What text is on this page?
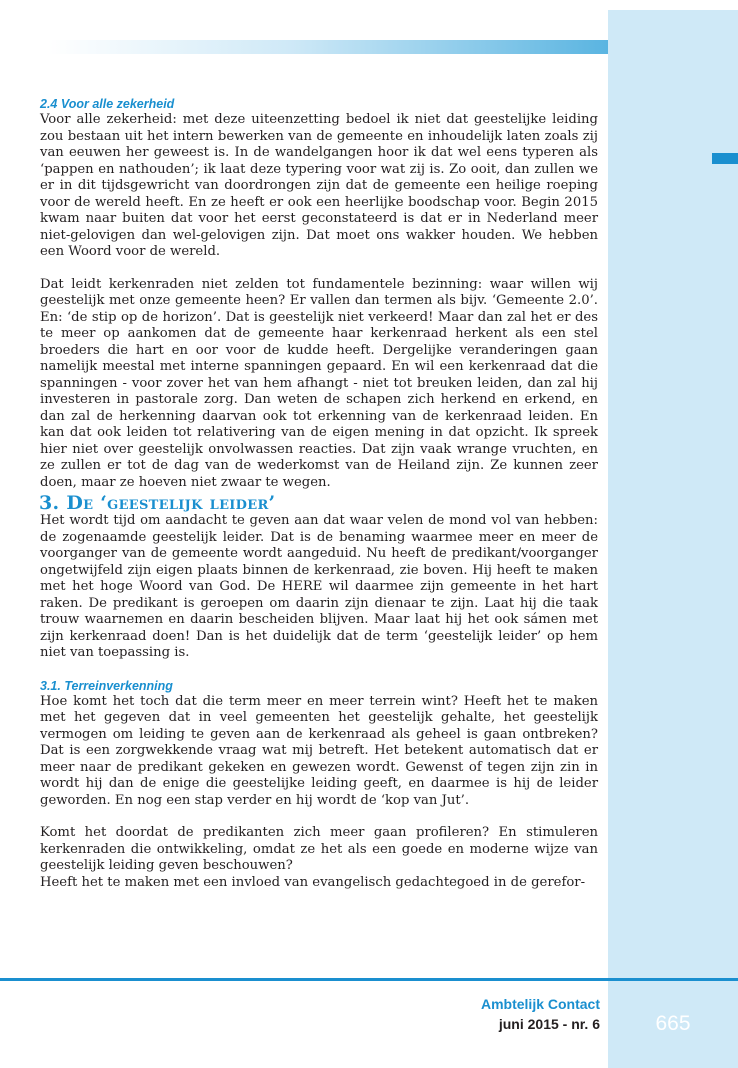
2.4 Voor alle zekerheid

Voor alle zekerheid: met deze uiteenzetting bedoel ik niet dat geestelijke leiding zou bestaan uit het intern bewerken van de gemeente en inhoudelijk laten zoals zij van eeuwen her geweest is. In de wandelgangen hoor ik dat wel eens typeren als ‘pappen en nathouden’; ik laat deze typering voor wat zij is. Zo ooit, dan zullen we er in dit tijdsgewricht van doordrongen zijn dat de gemeente een heilige roeping voor de wereld heeft. En ze heeft er ook een heerlijke boodschap voor. Begin 2015 kwam naar buiten dat voor het eerst geconstateerd is dat er in Nederland meer niet-gelovigen dan wel-gelovigen zijn. Dat moet ons wakker houden. We hebben een Woord voor de wereld.

Dat leidt kerkenraden niet zelden tot fundamentele bezinning: waar willen wij geestelijk met onze gemeente heen? Er vallen dan termen als bijv. ‘Gemeente 2.0’. En: ‘de stip op de horizon’. Dat is geestelijk niet verkeerd! Maar dan zal het er des te meer op aankomen dat de gemeente haar kerkenraad herkent als een stel broeders die hart en oor voor de kudde heeft. Dergelijke veranderingen gaan namelijk meestal met interne spanningen gepaard. En wil een kerkenraad dat die spanningen - voor zover het van hem afhangt - niet tot breuken leiden, dan zal hij investeren in pastorale zorg. Dan weten de schapen zich herkend en erkend, en dan zal de herkenning daarvan ook tot erkenning van de kerkenraad leiden. En kan dat ook leiden tot relativering van de eigen mening in dat opzicht. Ik spreek hier niet over geestelijk onvolwassen reacties. Dat zijn vaak wrange vruchten, en ze zullen er tot de dag van de wederkomst van de Heiland zijn. Ze kunnen zeer doen, maar ze hoeven niet zwaar te wegen.

3. De ‘geestelijk leider’

Het wordt tijd om aandacht te geven aan dat waar velen de mond vol van hebben: de zogenaamde geestelijk leider. Dat is de benaming waarmee meer en meer de voorganger van de gemeente wordt aangeduid. Nu heeft de predikant/voorganger ongetwijfeld zijn eigen plaats binnen de kerkenraad, zie boven. Hij heeft te maken met het hoge Woord van God. De HERE wil daarmee zijn gemeente in het hart raken. De predikant is geroepen om daarin zijn dienaar te zijn. Laat hij die taak trouw waarnemen en daarin bescheiden blijven. Maar laat hij het ook sámen met zijn kerkenraad doen! Dan is het duidelijk dat de term ‘geestelijk leider’ op hem niet van toepassing is.

3.1. Terreinverkenning

Hoe komt het toch dat die term meer en meer terrein wint? Heeft het te maken met het gegeven dat in veel gemeenten het geestelijk gehalte, het geestelijk vermogen om leiding te geven aan de kerkenraad als geheel is gaan ontbreken? Dat is een zorgwekkende vraag wat mij betreft. Het betekent automatisch dat er meer naar de predikant gekeken en gewezen wordt. Gewenst of tegen zijn zin in wordt hij dan de enige die geestelijke leiding geeft, en daarmee is hij de leider geworden. En nog een stap verder en hij wordt de ‘kop van Jut’.

Komt het doordat de predikanten zich meer gaan profileren? En stimuleren kerkenraden die ontwikkeling, omdat ze het als een goede en moderne wijze van geestelijk leiding geven beschouwen?

Heeft het te maken met een invloed van evangelisch gedachtegoed in de gerefor-

Ambtelijk Contact
juni 2015 - nr. 6	665
